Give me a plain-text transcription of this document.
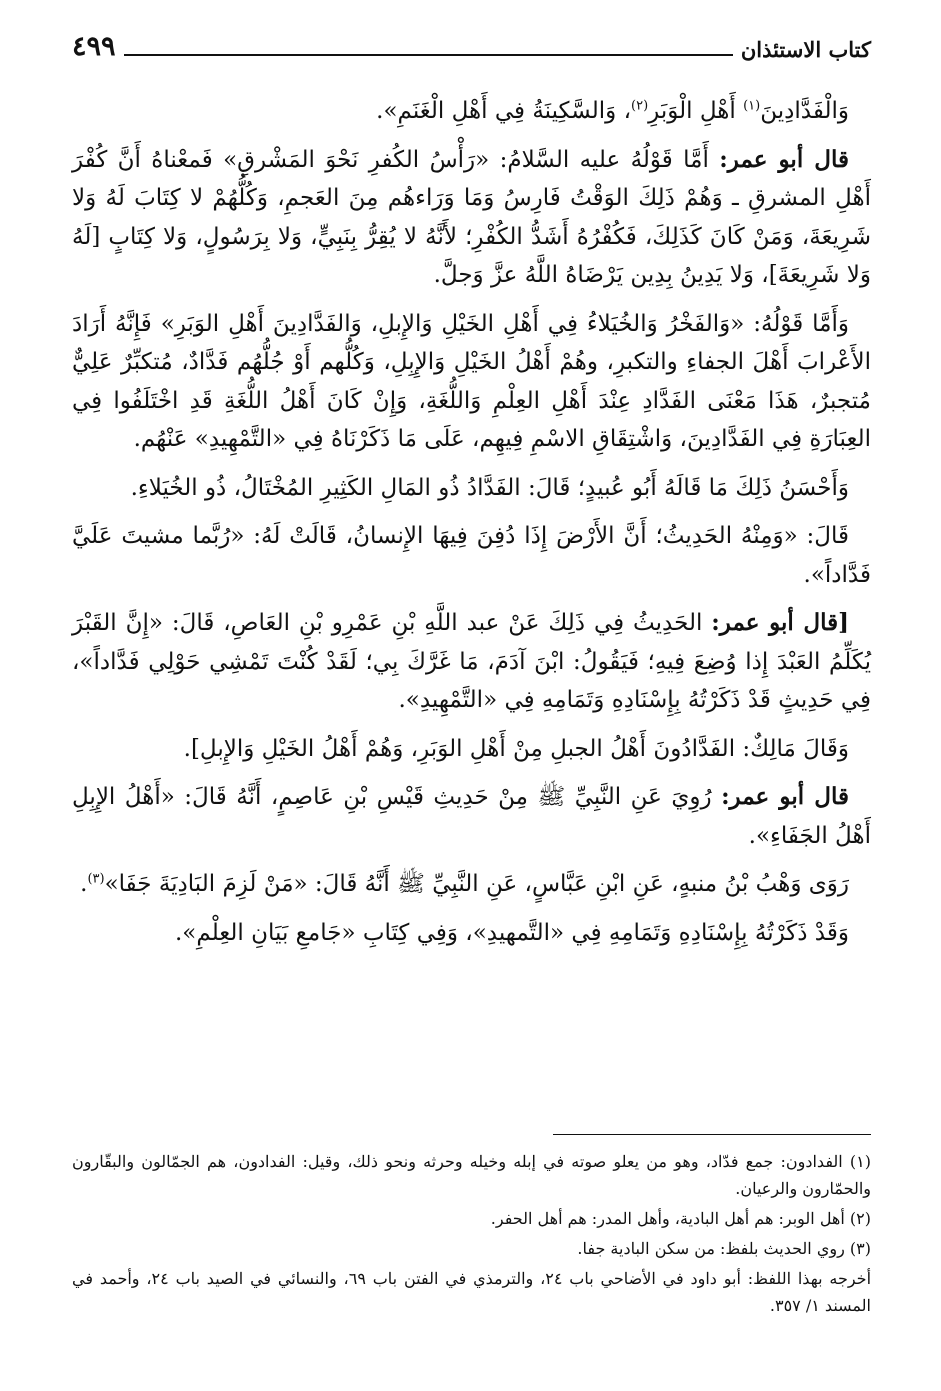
كتاب الاستئذان
٤٩٩

وَالْفَدَّادِينَ$^{(١)}$ أَهْلِ الْوَبَرِ$^{(٢)}$، وَالسَّكِينَةُ فِي أَهْلِ الْغَنَمِ».

قال أبو عمر: أَمَّا قَوْلُهُ عليه السَّلامُ: «رَأْسُ الكُفرِ نَحْوَ المَشْرقِ» فَمعْناهُ أَنَّ كُفْرَ أَهْلِ المشرقِ ـ وَهُمْ ذَلِكَ الوَقْتُ فَارِسُ وَمَا وَرَاءهُم مِنَ العَجمِ، وَكُلُّهُمْ لا كِتَابَ لَهُ وَلا شَرِيعَةَ، وَمَنْ كَانَ كَذَلِكَ، فَكُفْرُهُ أَشَدُّ الكُفْرِ؛ لأَنَّهُ لا يُقِرُّ بِنَبِيٍّ، وَلا بِرَسُولٍ، وَلا كِتَابٍ [لَهُ وَلا شَرِيعَةَ]، وَلا يَدِينُ بِدِين يَرْضَاهُ اللَّهُ عزَّ وَجلَّ.

وَأَمَّا قَوْلُهُ: «وَالفَخْرُ وَالخُيَلاءُ فِي أَهْلِ الخَيْلِ وَالإِبلِ، وَالفَدَّادِينَ أَهْلِ الوَبَرِ» فَإِنَّهُ أَرَادَ الأَعْرابَ أَهْلَ الجفاءِ والتكبرِ، وهُمْ أَهْلُ الخَيْلِ وَالإِبِلِ، وَكُلُّهم أَوْ جُلُّهُم فَدَّادٌ، مُتكبِّرٌ عَلِيٌّ مُتجبرٌ، هَذَا مَعْنَى الفَدَّادِ عِنْدَ أَهْلِ العِلْمِ وَاللُّغَةِ، وَإِنْ كَانَ أَهْلُ اللُّغَةِ قَدِ اخْتَلَفُوا فِي العِبَارَةِ فِي الفَدَّادِينَ، وَاشْتِقَاقِ الاسْمِ فِيهِم، عَلَى مَا ذَكَرْنَاهُ فِي «التَّمْهِيدِ» عَنْهُم.

وَأَحْسَنُ ذَلِكَ مَا قَالَهُ أَبُو عُبيدٍ؛ قَالَ: الفَدَّادُ ذُو المَالِ الكَثِيرِ المُخْتَالُ، ذُو الخُيَلاءِ.

قَالَ: «وَمِنْهُ الحَدِيثُ؛ أَنَّ الأَرْضَ إِذَا دُفِنَ فِيهَا الإِنسانُ، قَالَتْ لَهُ: «رُبَّما مشيتَ عَلَيَّ فَدَّاداً».

[قال أبو عمر: الحَدِيثُ فِي ذَلِكَ عَنْ عبد اللَّهِ بْنِ عَمْرِو بْنِ العَاصِ، قَالَ: «إِنَّ القَبْرَ يُكَلِّمُ العَبْدَ إِذا وُضِعَ فِيهِ؛ فَيَقُولُ: ابْنَ آدَمَ، مَا غَرَّكَ بِي؛ لَقَدْ كُنْتَ تَمْشِي حَوْلِي فَدَّاداً»، فِي حَدِيثٍ قَدْ ذَكَرْتُهُ بِإِسْنَادِهِ وَتَمَامِهِ فِي «التَّمْهِيدِ».

وَقَالَ مَالِكٌ: الفَدَّادُونَ أَهْلُ الجبلِ مِنْ أَهْلِ الوَبَرِ، وَهُمْ أَهْلُ الخَيْلِ وَالإِبلِ].

قال أبو عمر: رُوِيَ عَنِ النَّبِيِّ ﷺ مِنْ حَدِيثِ قَيْسِ بْنِ عَاصِمٍ، أَنَّهُ قَالَ: «أَهْلُ الإِبِلِ أَهْلُ الجَفَاءِ».

رَوَى وَهْبُ بْنُ منبهٍ، عَنِ ابْنِ عَبَّاسٍ، عَنِ النَّبِيِّ ﷺ أَنَّهُ قَالَ: «مَنْ لَزِمَ البَادِيَةَ جَفَا»$^{(٣)}$.

وَقَدْ ذَكَرْتُهُ بِإِسْنَادِهِ وَتَمَامِهِ فِي «التَّمهيدِ»، وَفِي كِتَابِ «جَامعِ بَيَانِ العِلْمِ».

(١) الفدادون: جمع فدّاد، وهو من يعلو صوته في إبله وخيله وحرثه ونحو ذلك، وقيل: الفدادون، هم الجمّالون والبقّارون والحمّارون والرعيان.

(٢) أهل الوبر: هم أهل البادية، وأهل المدر: هم أهل الحفر.

(٣) روي الحديث بلفظ: من سكن البادية جفا.

أخرجه بهذا اللفظ: أبو داود في الأضاحي باب ٢٤، والترمذي في الفتن باب ٦٩، والنسائي في الصيد باب ٢٤، وأحمد في المسند ١/ ٣٥٧.
